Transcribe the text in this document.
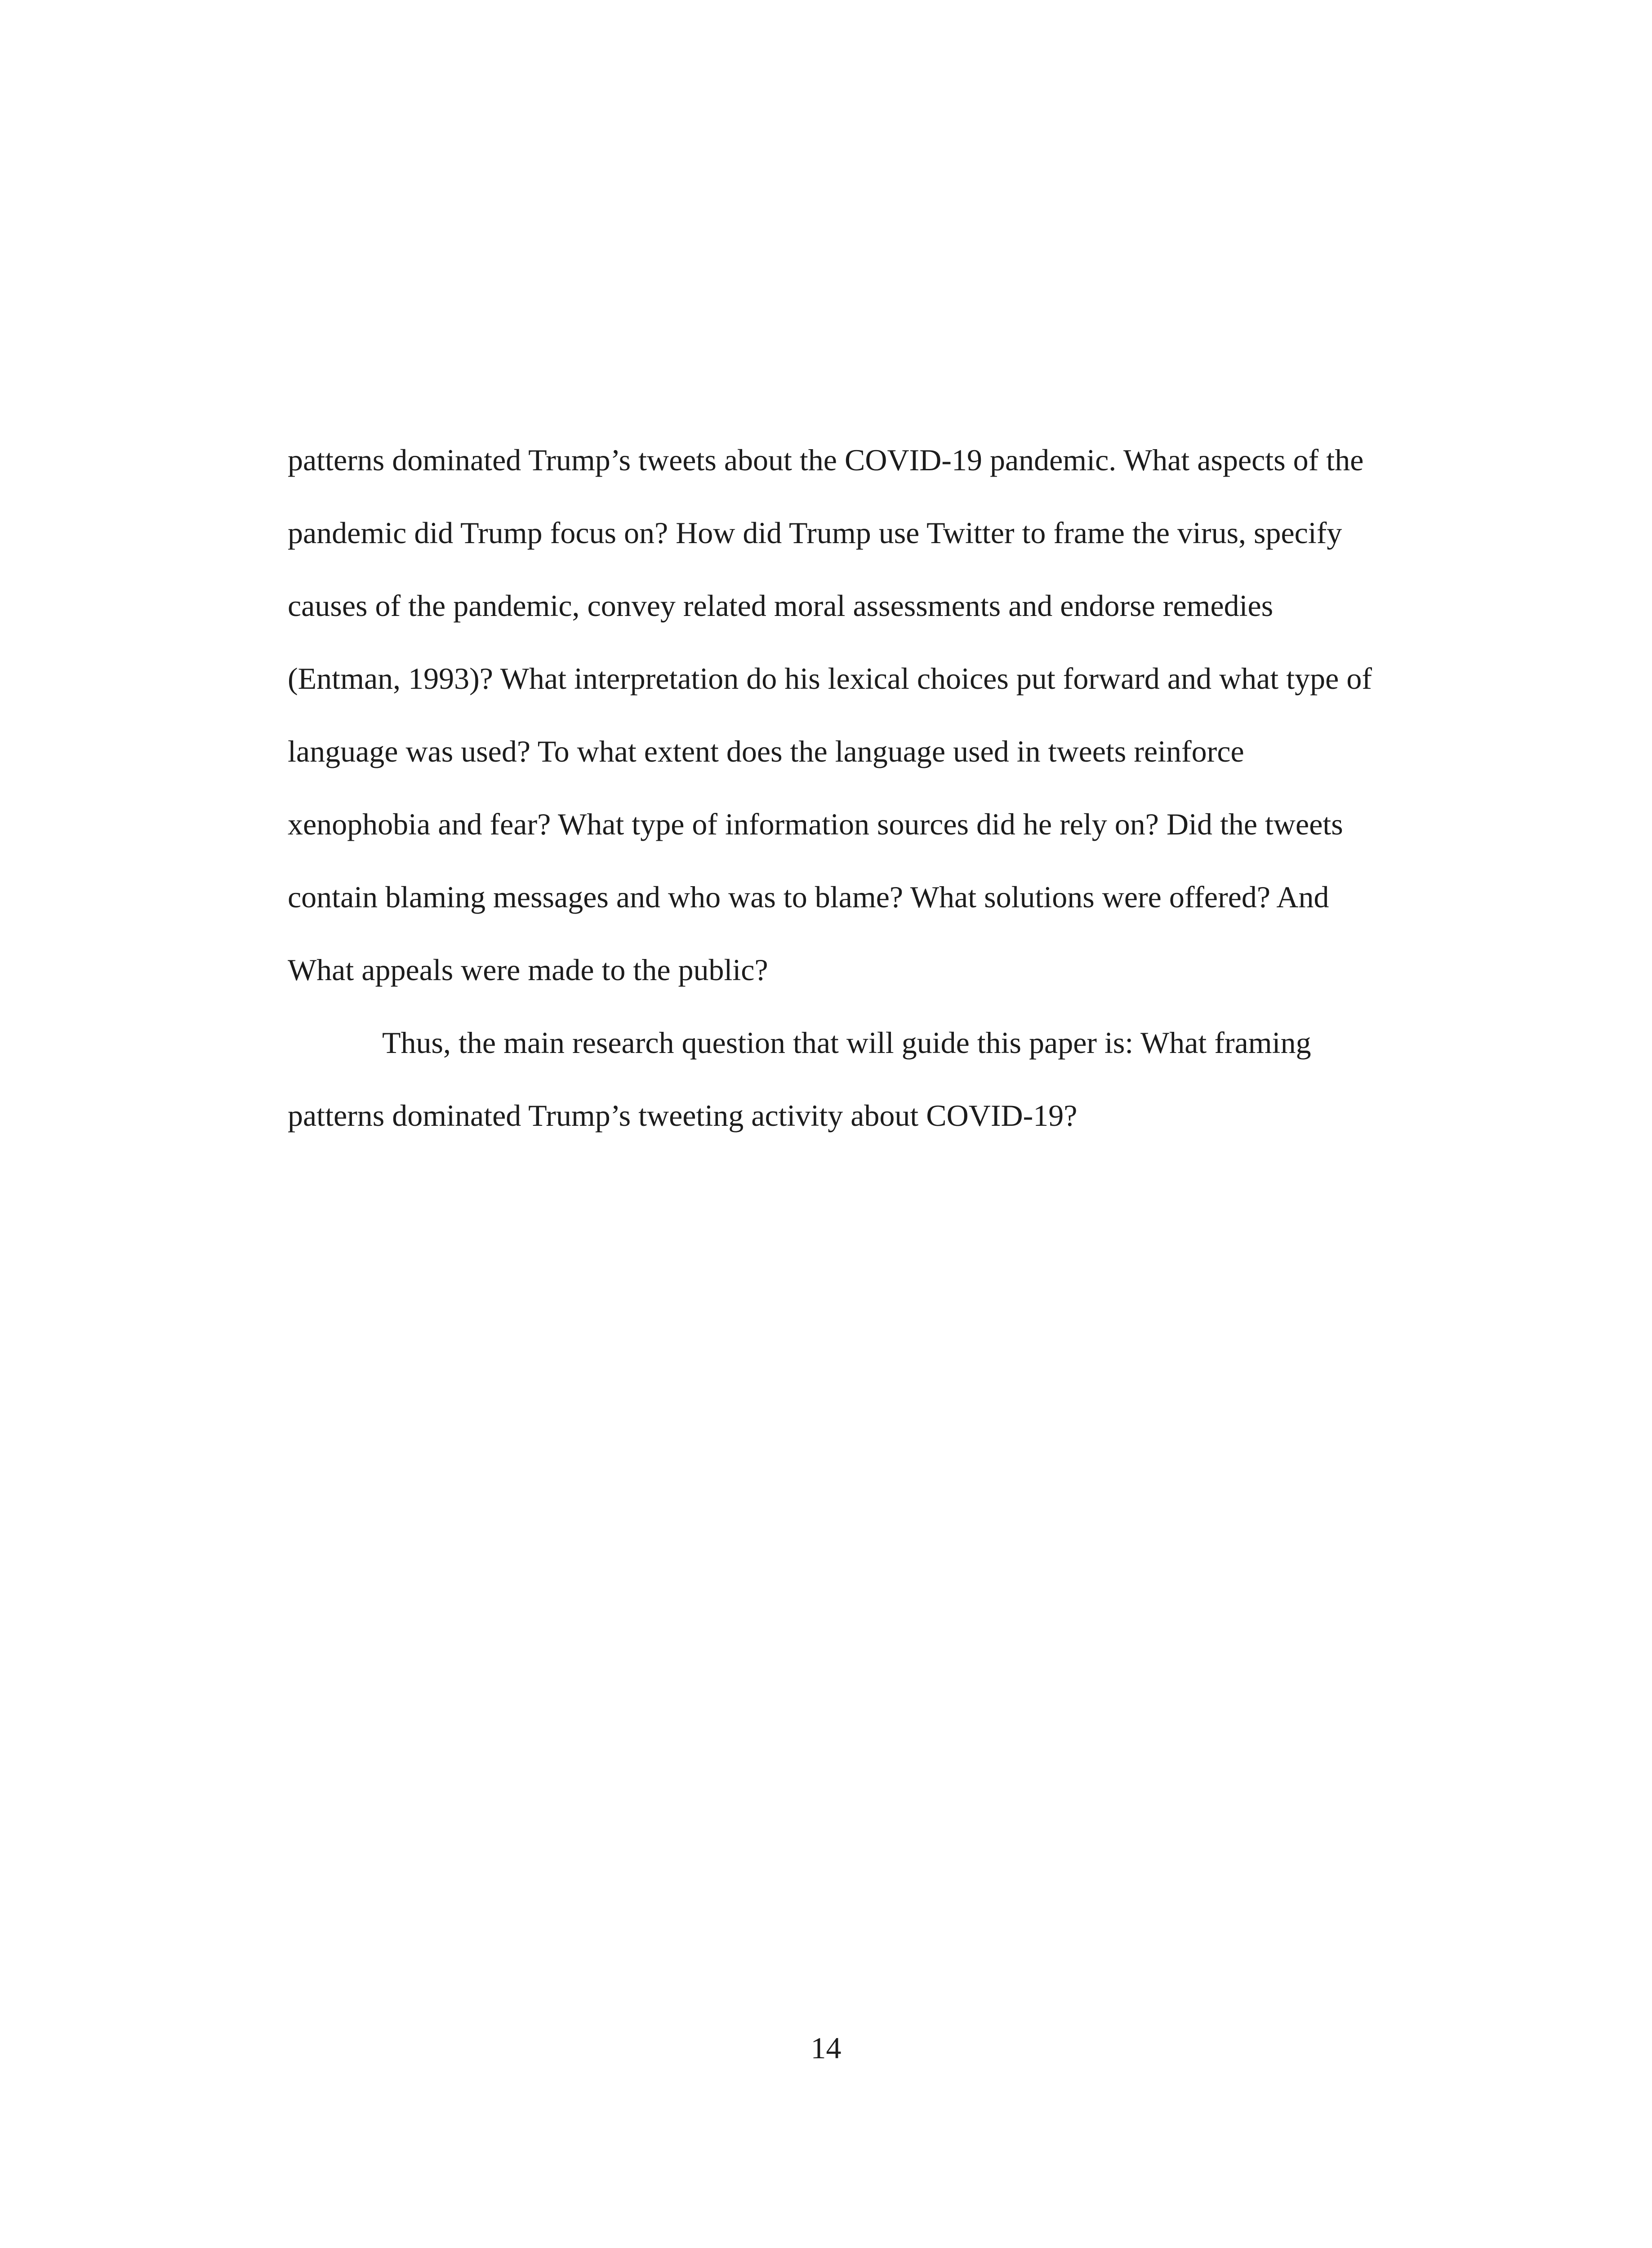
patterns dominated Trump’s tweets about the COVID-19 pandemic. What aspects of the
pandemic did Trump focus on? How did Trump use Twitter to frame the virus, specify
causes of the pandemic, convey related moral assessments and endorse remedies
(Entman, 1993)? What interpretation do his lexical choices put forward and what type of
language was used? To what extent does the language used in tweets reinforce
xenophobia and fear? What type of information sources did he rely on? Did the tweets
contain blaming messages and who was to blame? What solutions were offered? And
What appeals were made to the public?
Thus, the main research question that will guide this paper is: What framing
patterns dominated Trump’s tweeting activity about COVID-19?
14
